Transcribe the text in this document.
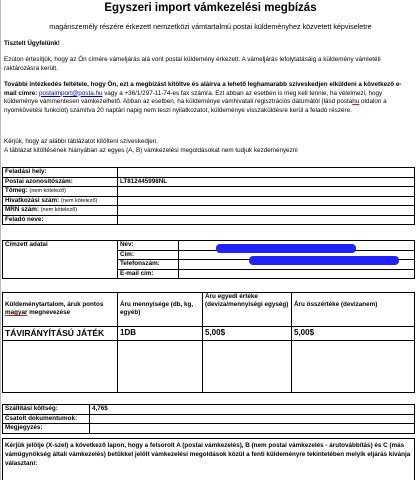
Egyszeri import vámkezelési megbízás
magánszemély részére érkezett nemzetközi vámtartalmú postai küldeményhez közvetett képviseletre
Tisztelt Ügyfelünk!
Ezúton értesítjük, hogy az Ön címére vámeljárás alá vont postai küldemény érkezett. A vámeljárás lefolytatásáig a küldemény vámletéti raktározásra került.
További intézkedés feltétele, hogy Ön, ezt a megbízást kitöltve és aláírva a lehető leghamarabb szíveskedjen elküldeni a következő e-mail címre: postaimport@posta.hu vagy a +36/1/297-11-74-es fax számra. Ezt abban az esetben is meg kell tennie, ha vélelmezi, hogy küldeménye vámmentesen vámkezelhető. Abban az esetben, ha küldeménye vámhivatali regisztrációs dátumától (lásd postahu oldalon a nyomkövetési funkciót) számítva 20 naptári napig nem teszi nyilatkozatot, küldeménye visszaküldésre kerül a feladó részére.
Kérjük, hogy az alábbi táblázatot kitölteni szíveskedjen.
A táblázat kitöltésének hiányában az egyes (A, B) vámkezelési megoldásokat nem tudjuk kezdeményezni
Feladási hely:	
Postai azonosítószám:	LT812445998NL
Tömeg: (nem kötelező)	
Hivatkozási szám: (nem kötelező)	
MRN szám: (nem kötelező)	
Feladó neve:	
Címzett adatai	Név:	
	Cím:	
	Telefonszám:	
	E-mail cím:	
Küldeménytartalom, áruk pontos magyar megnevezése	Áru mennyisége (db, kg, egyéb)	Áru egyedi értéke (deviza/mennyiségi egység)	Áru összértéke (devizanem)
TÁVIRÁNYÍTÁSÚ JÁTÉK	1DB	5,00$	5,00$

Szállítási költség:	4,76$
Csatolt dokumentumok:	
Megjegyzés:	
Kérjük jelölje (X-szel) a következő lapon, hogy a felsorolt A (postai vámkezelés), B (nem postai vámkezelés - árutovábbítás) és C (más vámügynökség általi vámkezelés) betűkkel jelölt vámkezelési megoldások közül a fenti küldeményre tekintetében melyik eljárás kívánja választani:
